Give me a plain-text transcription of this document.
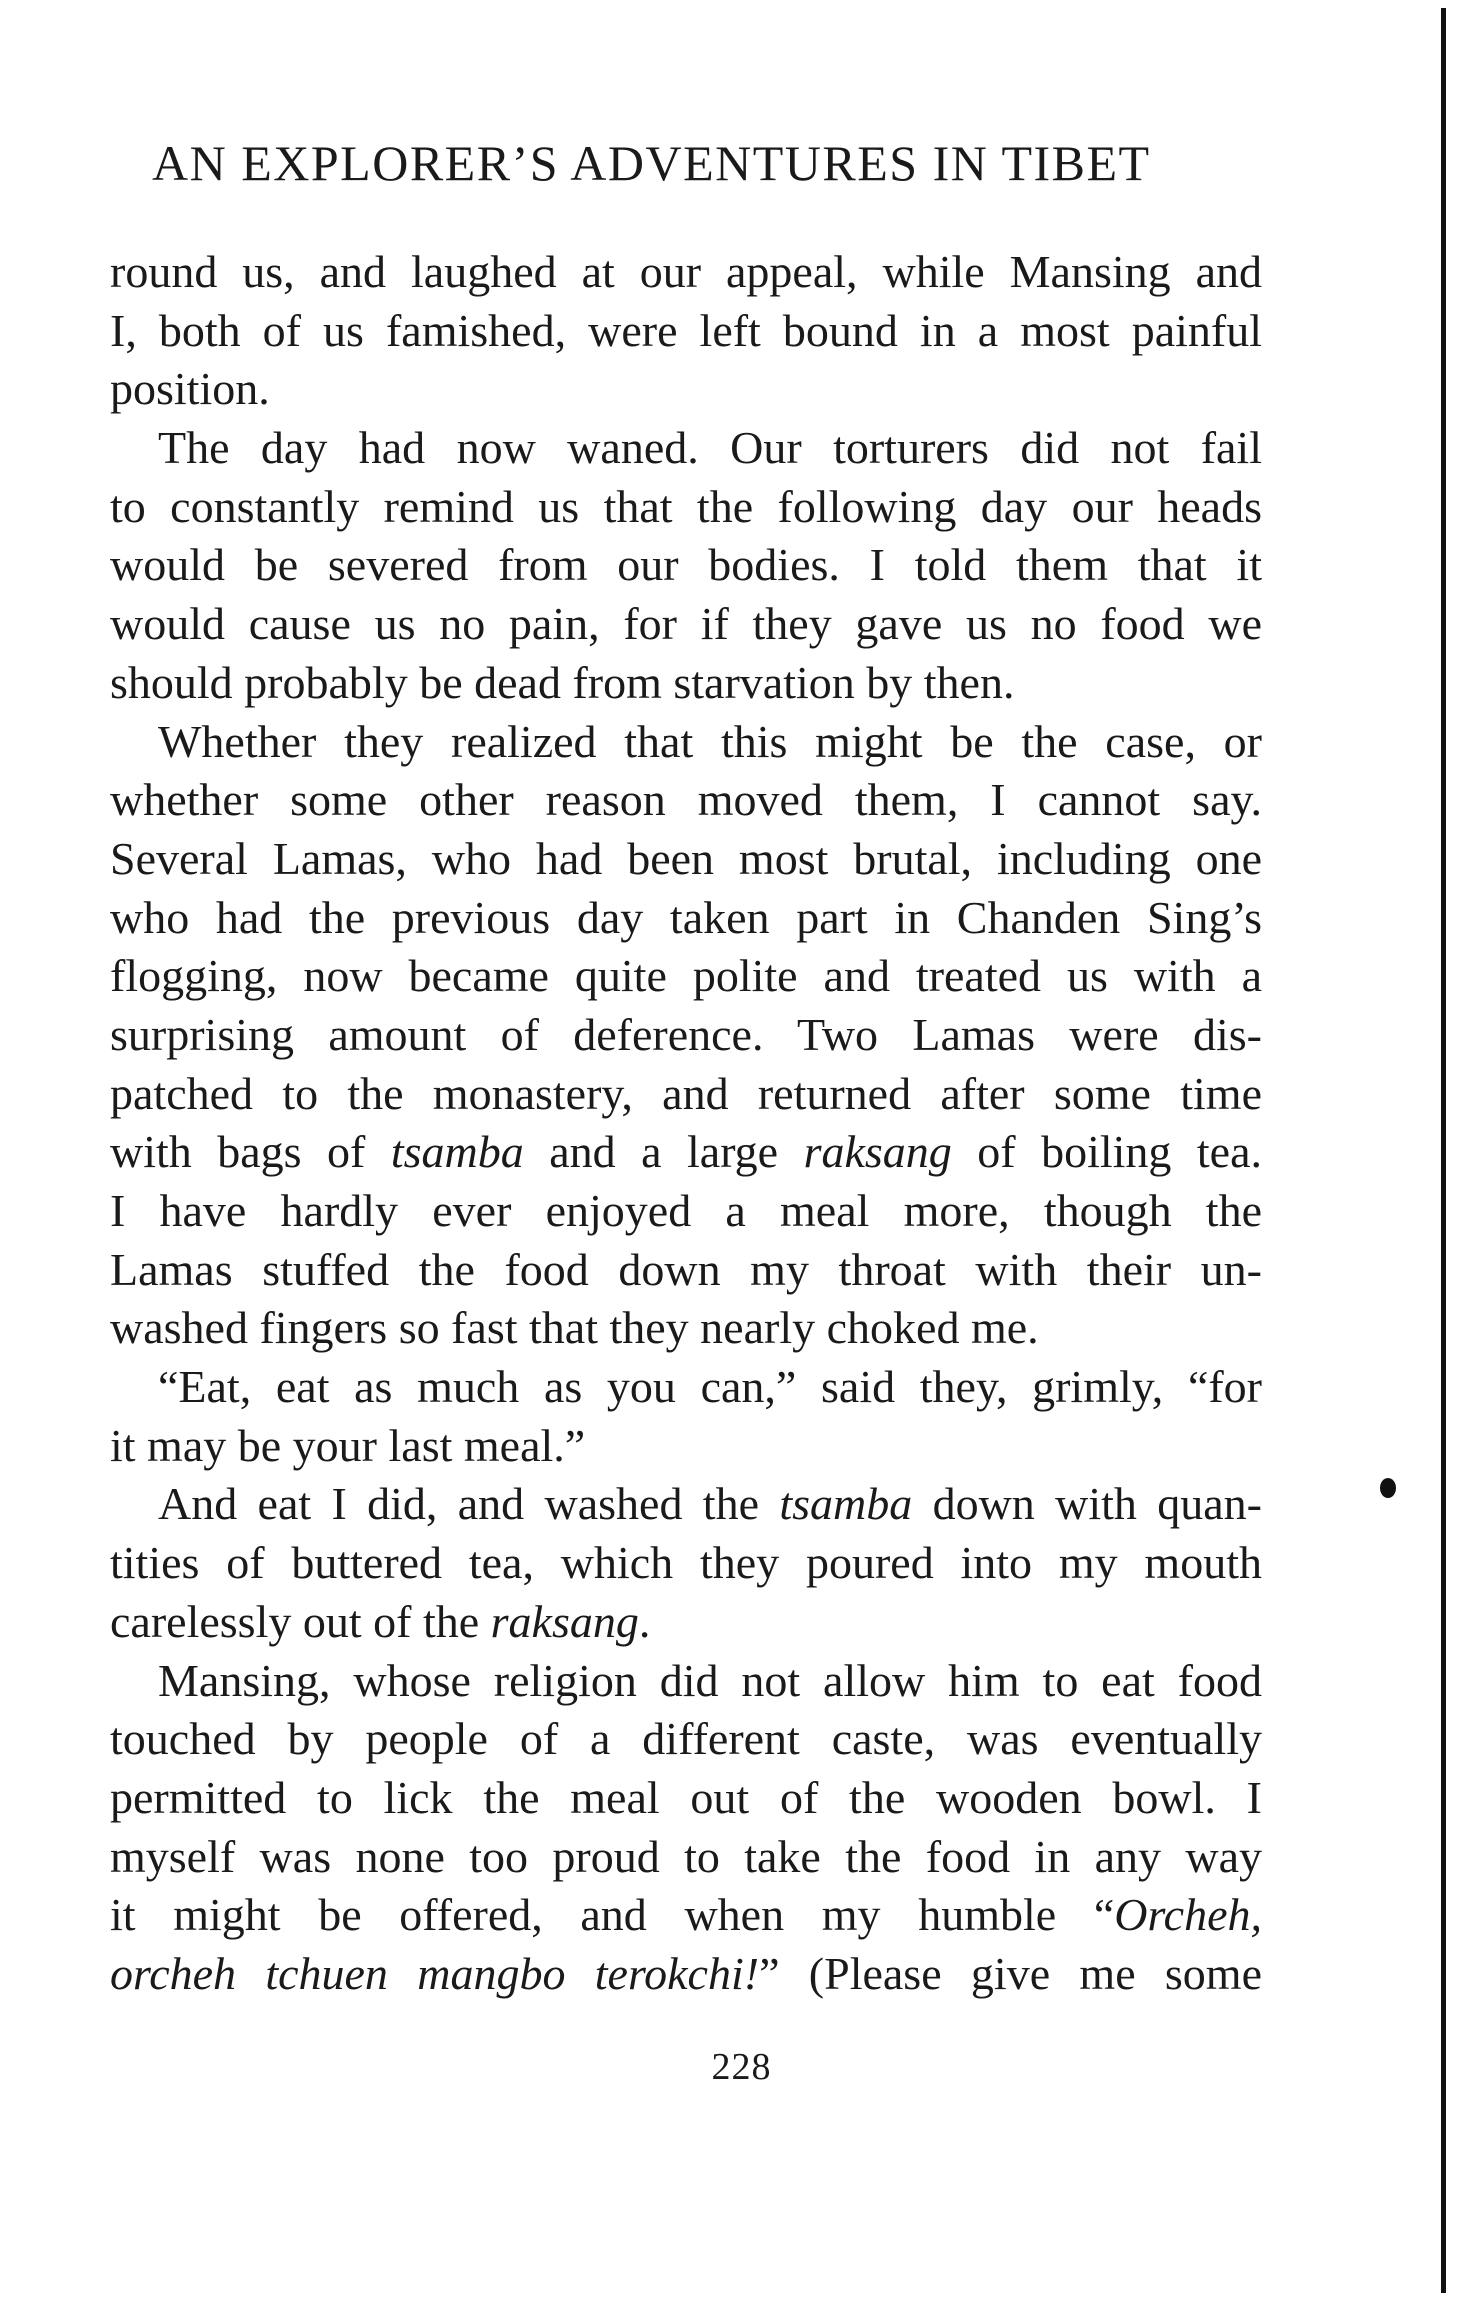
AN EXPLORER’S ADVENTURES IN TIBET
round us, and laughed at our appeal, while Mansing and
I, both of us famished, were left bound in a most painful
position.
The day had now waned. Our torturers did not fail
to constantly remind us that the following day our heads
would be severed from our bodies. I told them that it
would cause us no pain, for if they gave us no food we
should probably be dead from starvation by then.
Whether they realized that this might be the case, or
whether some other reason moved them, I cannot say.
Several Lamas, who had been most brutal, including one
who had the previous day taken part in Chanden Sing’s
flogging, now became quite polite and treated us with a
surprising amount of deference. Two Lamas were dis-
patched to the monastery, and returned after some time
with bags of tsamba and a large raksang of boiling tea.
I have hardly ever enjoyed a meal more, though the
Lamas stuffed the food down my throat with their un-
washed fingers so fast that they nearly choked me.
“Eat, eat as much as you can,” said they, grimly, “for
it may be your last meal.”
And eat I did, and washed the tsamba down with quan-
tities of buttered tea, which they poured into my mouth
carelessly out of the raksang.
Mansing, whose religion did not allow him to eat food
touched by people of a different caste, was eventually
permitted to lick the meal out of the wooden bowl. I
myself was none too proud to take the food in any way
it might be offered, and when my humble “Orcheh,
orcheh tchuen mangbo terokchi!” (Please give me some
228
